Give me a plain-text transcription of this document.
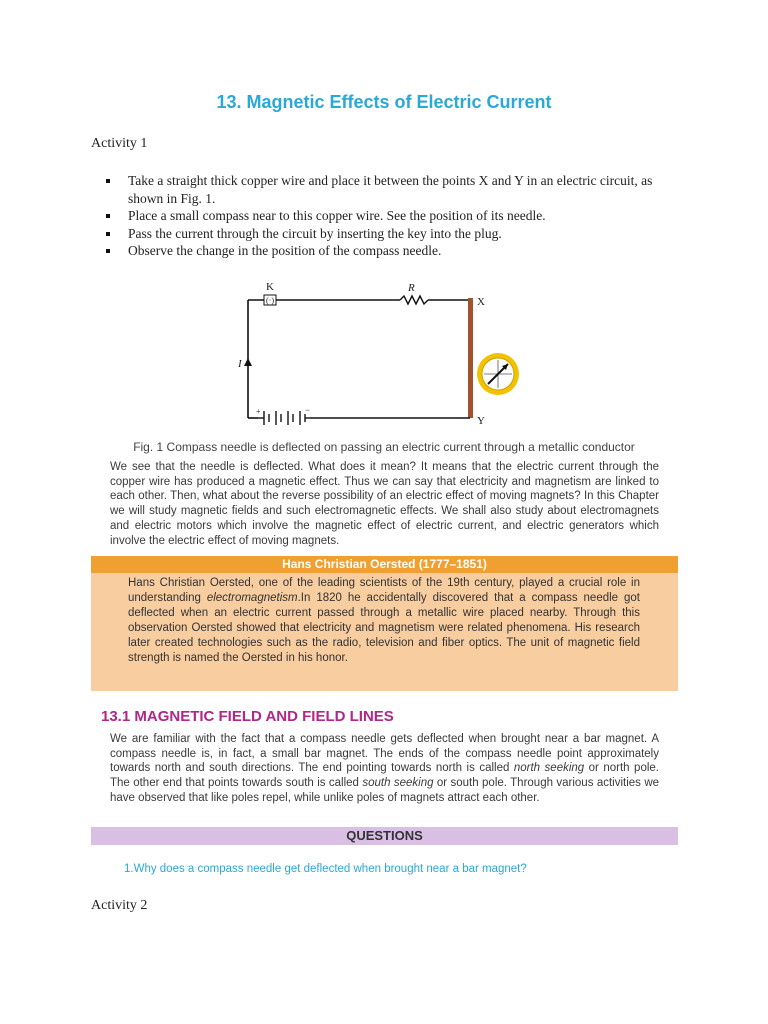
13. Magnetic Effects of Electric Current
Activity 1
Take a straight thick copper wire and place it between the points X and Y in an electric circuit, as shown in Fig. 1.
Place a small compass near to this copper wire. See the position of its needle.
Pass the current through the circuit by inserting the key into the plug.
Observe the change in the position of the compass needle.
(·)
+	−
K	R
X
Y
I
Fig. 1 Compass needle is deflected on passing an electric current through a metallic conductor
We see that the needle is deflected. What does it mean? It means that the electric current through the copper wire has produced a magnetic effect. Thus we can say that electricity and magnetism are linked to each other. Then, what about the reverse possibility of an electric effect of moving magnets? In this Chapter we will study magnetic fields and such electromagnetic effects. We shall also study about electromagnets and electric motors which involve the magnetic effect of electric current, and electric generators which involve the electric effect of moving magnets.
Hans Christian Oersted (1777–1851)
Hans Christian Oersted, one of the leading scientists of the 19th century, played a crucial role in understanding electromagnetism.In 1820 he accidentally discovered that a compass needle got deflected when an electric current passed through a metallic wire placed nearby. Through this observation Oersted showed that electricity and magnetism were related phenomena. His research later created technologies such as the radio, television and fiber optics. The unit of magnetic field strength is named the Oersted in his honor.
13.1 MAGNETIC FIELD AND FIELD LINES
We are familiar with the fact that a compass needle gets deflected when brought near a bar magnet. A compass needle is, in fact, a small bar magnet. The ends of the compass needle point approximately towards north and south directions. The end pointing towards north is called north seeking or north pole. The other end that points towards south is called south seeking or south pole. Through various activities we have observed that like poles repel, while unlike poles of magnets attract each other.
QUESTIONS
1.Why does a compass needle get deflected when brought near a bar magnet?
Activity 2
